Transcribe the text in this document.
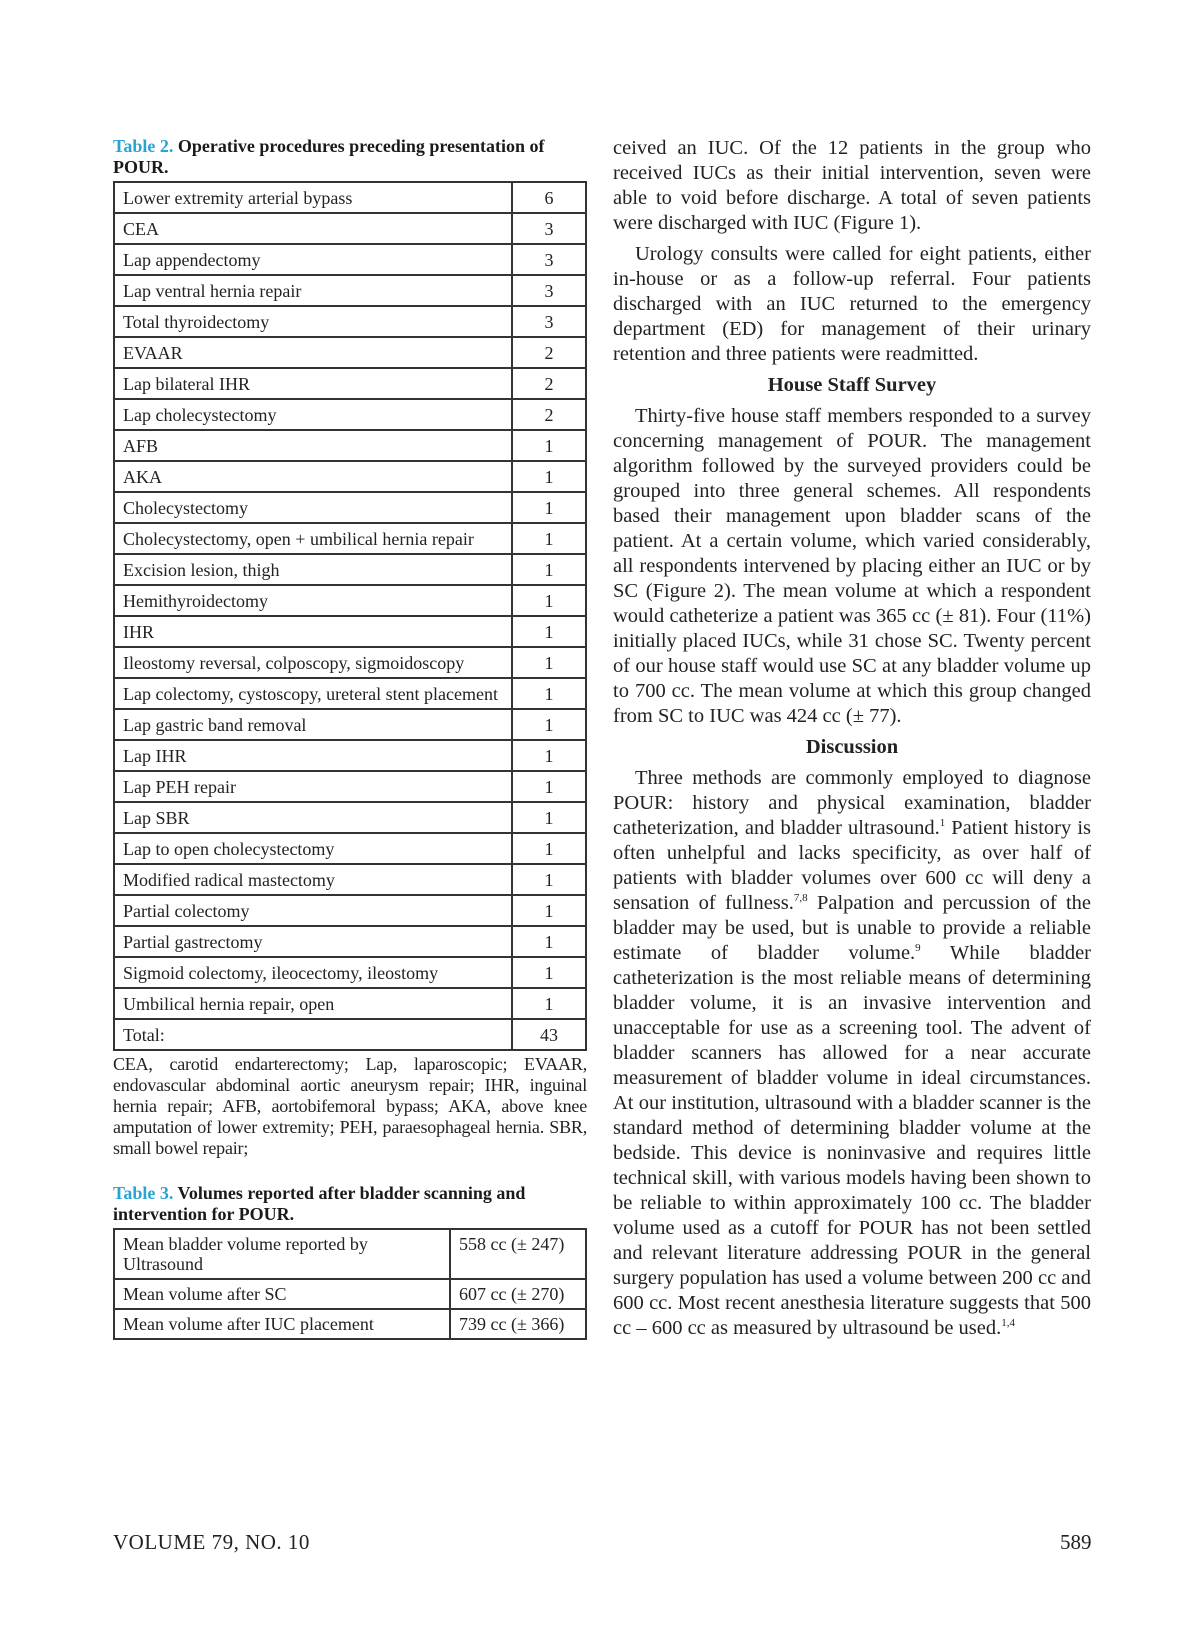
Table 2. Operative procedures preceding presentation of POUR.
Lower extremity arterial bypass	6
CEA	3
Lap appendectomy	3
Lap ventral hernia repair	3
Total thyroidectomy	3
EVAAR	2
Lap bilateral IHR	2
Lap cholecystectomy	2
AFB	1
AKA	1
Cholecystectomy	1
Cholecystectomy, open + umbilical hernia repair	1
Excision lesion, thigh	1
Hemithyroidectomy	1
IHR	1
Ileostomy reversal, colposcopy, sigmoidoscopy	1
Lap colectomy, cystoscopy, ureteral stent placement	1
Lap gastric band removal	1
Lap IHR	1
Lap PEH repair	1
Lap SBR	1
Lap to open cholecystectomy	1
Modified radical mastectomy	1
Partial colectomy	1
Partial gastrectomy	1
Sigmoid colectomy, ileocectomy, ileostomy	1
Umbilical hernia repair, open	1
Total:	43
CEA, carotid endarterectomy; Lap, laparoscopic; EVAAR, endovascular abdominal aortic aneurysm repair; IHR, inguinal hernia repair; AFB, aortobifemoral bypass; AKA, above knee amputation of lower extremity; PEH, paraesophageal hernia. SBR, small bowel repair;
Table 3. Volumes reported after bladder scanning and intervention for POUR.
Mean bladder volume reported by Ultrasound	558 cc (± 247)
Mean volume after SC	607 cc (± 270)
Mean volume after IUC placement	739 cc (± 366)

ceived an IUC. Of the 12 patients in the group who received IUCs as their initial intervention, seven were able to void before discharge. A total of seven patients were discharged with IUC (Figure 1).

Urology consults were called for eight patients, either in-house or as a follow-up referral. Four patients discharged with an IUC returned to the emergency department (ED) for management of their urinary retention and three patients were readmitted.

House Staff Survey

Thirty-five house staff members responded to a survey concerning management of POUR. The management algorithm followed by the surveyed providers could be grouped into three general schemes. All respondents based their management upon bladder scans of the patient. At a certain volume, which varied considerably, all respondents intervened by placing either an IUC or by SC (Figure 2). The mean volume at which a respondent would catheterize a patient was 365 cc (± 81). Four (11%) initially placed IUCs, while 31 chose SC. Twenty percent of our house staff would use SC at any bladder volume up to 700 cc. The mean volume at which this group changed from SC to IUC was 424 cc (± 77).

Discussion

Three methods are commonly employed to diagnose POUR: history and physical examination, bladder catheterization, and bladder ultrasound.$^1$ Patient history is often unhelpful and lacks specificity, as over half of patients with bladder volumes over 600 cc will deny a sensation of fullness.$^{7,8}$ Palpation and percussion of the bladder may be used, but is unable to provide a reliable estimate of bladder volume.$^9$ While bladder catheterization is the most reliable means of determining bladder volume, it is an invasive intervention and unacceptable for use as a screening tool. The advent of bladder scanners has allowed for a near accurate measurement of bladder volume in ideal circumstances. At our institution, ultrasound with a bladder scanner is the standard method of determining bladder volume at the bedside. This device is noninvasive and requires little technical skill, with various models having been shown to be reliable to within approximately 100 cc. The bladder volume used as a cutoff for POUR has not been settled and relevant literature addressing POUR in the general surgery population has used a volume between 200 cc and 600 cc. Most recent anesthesia literature suggests that 500 cc – 600 cc as measured by ultrasound be used.$^{1,4}$

VOLUME 79, NO. 10	589
